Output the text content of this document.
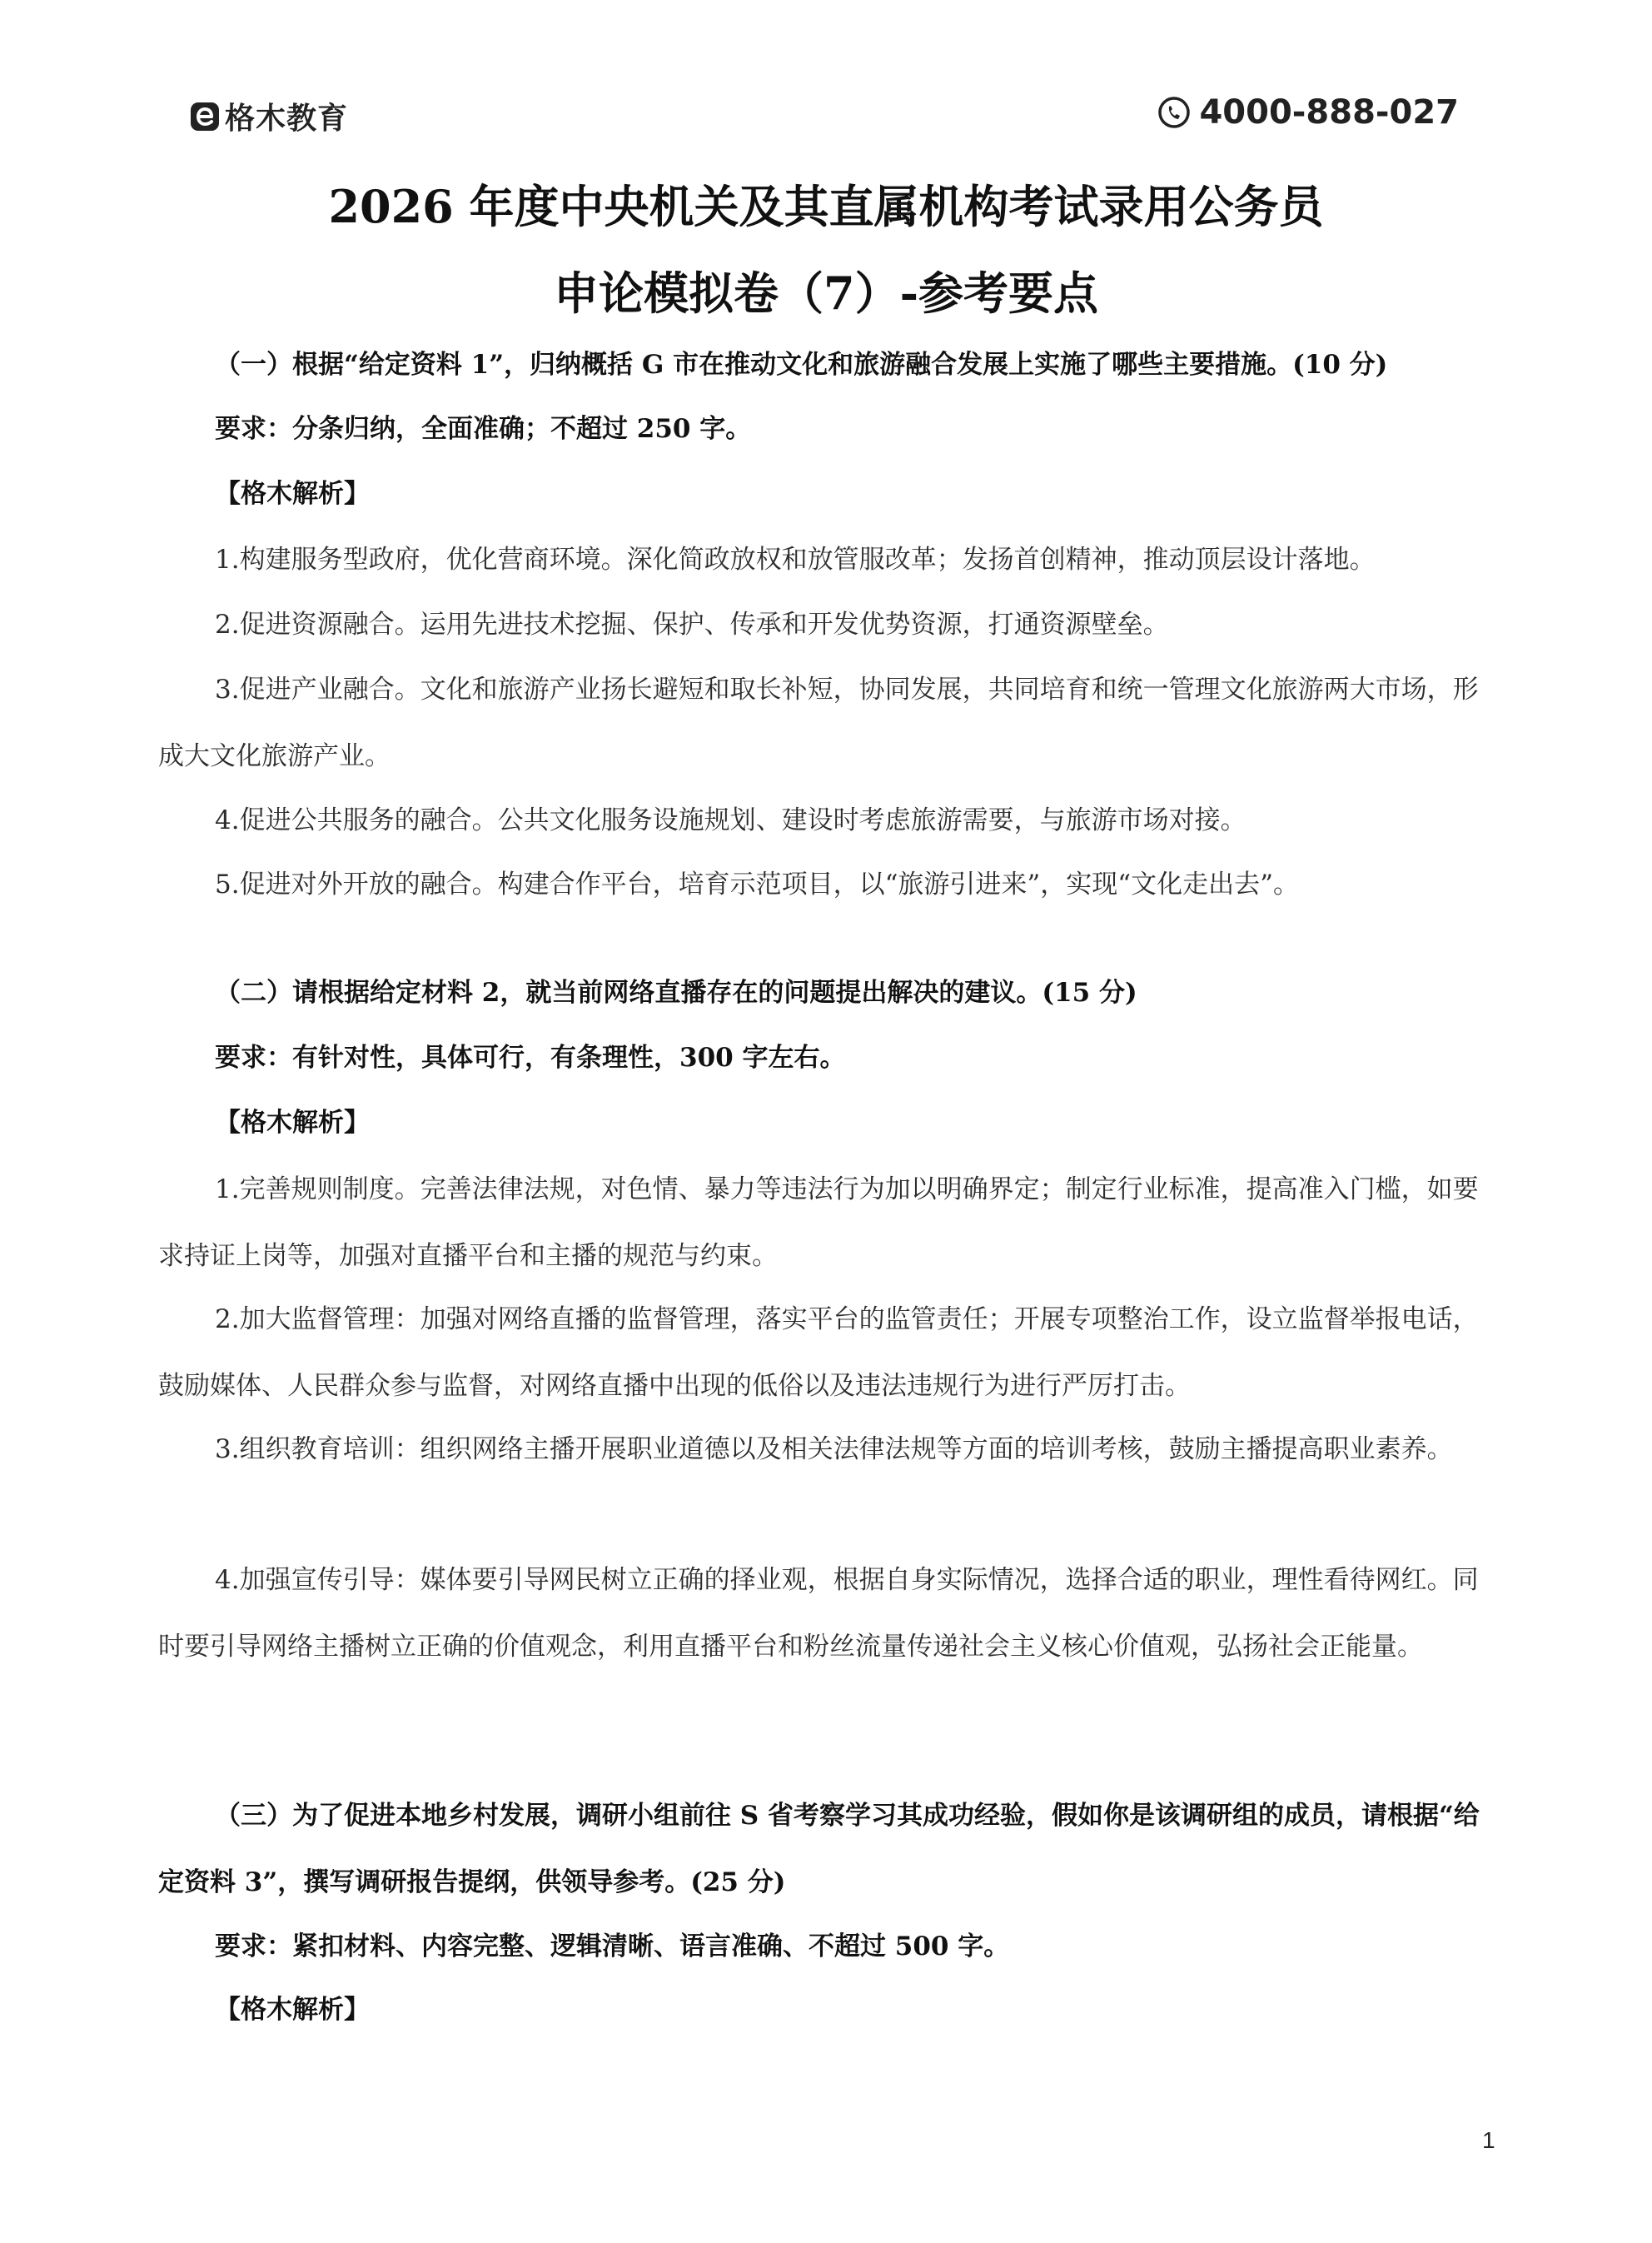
格木教育	4000-888-027
2026 年度中央机关及其直属机构考试录用公务员
申论模拟卷（7）-参考要点
（一）根据“给定资料 1”，归纳概括 G 市在推动文化和旅游融合发展上实施了哪些主要措施。(10 分)
要求：分条归纳，全面准确；不超过 250 字。
【格木解析】
1.构建服务型政府，优化营商环境。深化简政放权和放管服改革；发扬首创精神，推动顶层设计落地。
2.促进资源融合。运用先进技术挖掘、保护、传承和开发优势资源，打通资源壁垒。
3.促进产业融合。文化和旅游产业扬长避短和取长补短，协同发展，共同培育和统一管理文化旅游两大市场，形成大文化旅游产业。
4.促进公共服务的融合。公共文化服务设施规划、建设时考虑旅游需要，与旅游市场对接。
5.促进对外开放的融合。构建合作平台，培育示范项目，以“旅游引进来”，实现“文化走出去”。
（二）请根据给定材料 2，就当前网络直播存在的问题提出解决的建议。(15 分)
要求：有针对性，具体可行，有条理性，300 字左右。
【格木解析】
1.完善规则制度。完善法律法规，对色情、暴力等违法行为加以明确界定；制定行业标准，提高准入门槛，如要求持证上岗等，加强对直播平台和主播的规范与约束。
2.加大监督管理：加强对网络直播的监督管理，落实平台的监管责任；开展专项整治工作，设立监督举报电话，鼓励媒体、人民群众参与监督，对网络直播中出现的低俗以及违法违规行为进行严厉打击。
3.组织教育培训：组织网络主播开展职业道德以及相关法律法规等方面的培训考核，鼓励主播提高职业素养。
4.加强宣传引导：媒体要引导网民树立正确的择业观，根据自身实际情况，选择合适的职业，理性看待网红。同时要引导网络主播树立正确的价值观念，利用直播平台和粉丝流量传递社会主义核心价值观，弘扬社会正能量。
（三）为了促进本地乡村发展，调研小组前往 S 省考察学习其成功经验，假如你是该调研组的成员，请根据“给定资料 3”，撰写调研报告提纲，供领导参考。(25 分)
要求：紧扣材料、内容完整、逻辑清晰、语言准确、不超过 500 字。
【格木解析】
1
